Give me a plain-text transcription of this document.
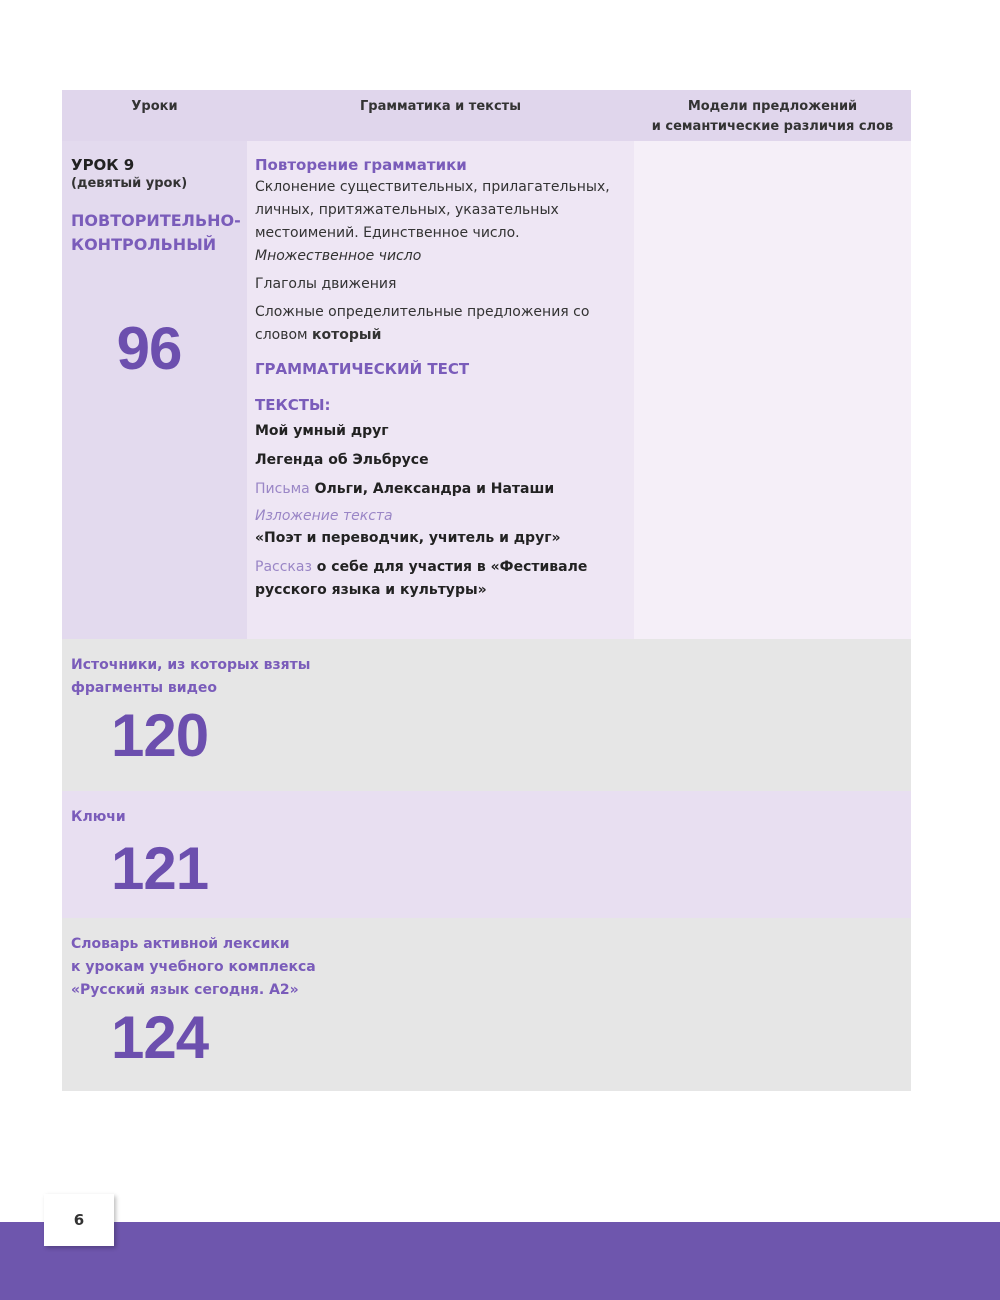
Уроки	Грамматика и тексты	Модели предложений
и семантические различия слов
УРОК 9
(девятый урок)
ПОВТОРИТЕЛЬНО-
КОНТРОЛЬНЫЙ
96
Повторение грамматики
Склонение существительных, прилагательных, личных, притяжательных, указательных местоимений. Единственное число. Множественное число
Глаголы движения
Сложные определительные предложения со словом который
ГРАММАТИЧЕСКИЙ ТЕСТ
ТЕКСТЫ:
Мой умный друг
Легенда об Эльбрусе
Письма Ольги, Александра и Наташи
Изложение текста
«Поэт и переводчик, учитель и друг»
Рассказ о себе для участия в «Фестивале русского языка и культуры»
Источники, из которых взяты фрагменты видео
120
Ключи
121
Словарь активной лексики
к урокам учебного комплекса
«Русский язык сегодня. А2»
124
6
